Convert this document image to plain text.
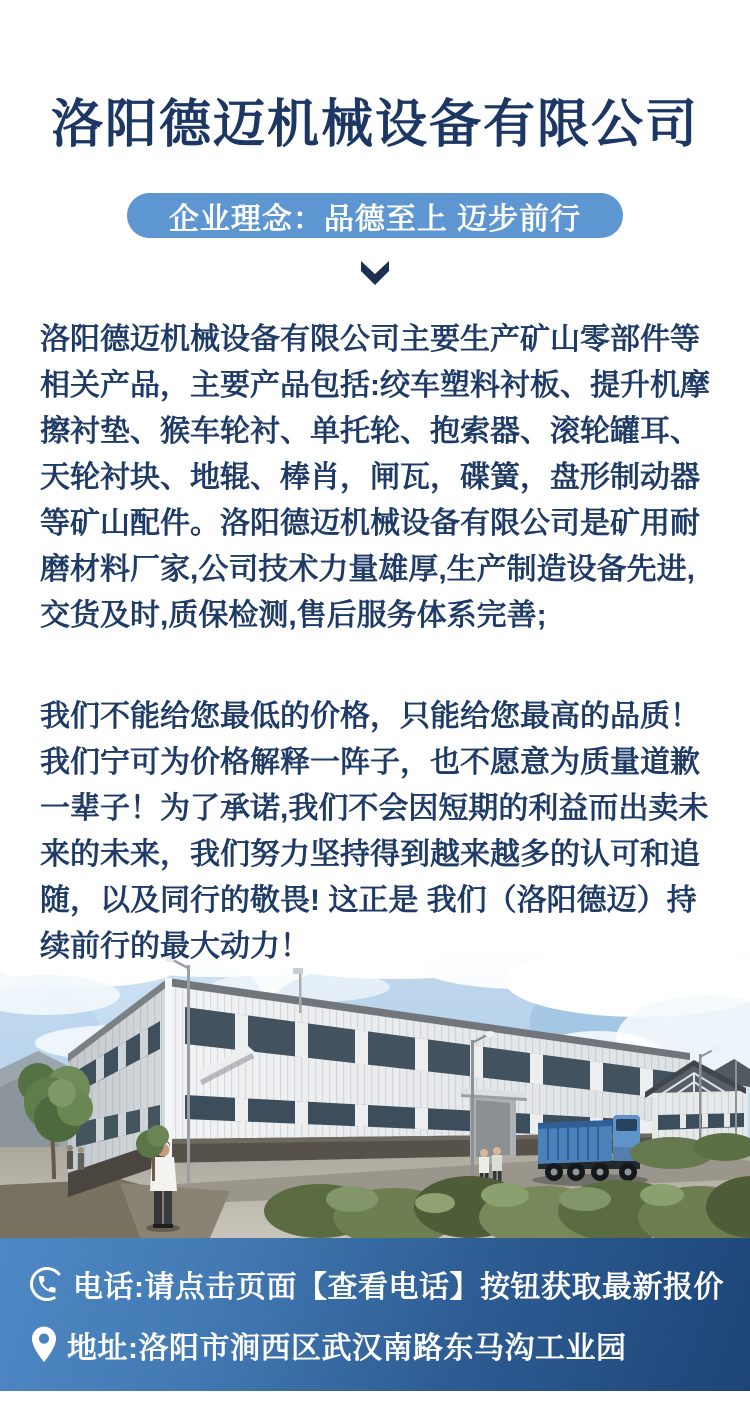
洛阳德迈机械设备有限公司
企业理念：品德至上 迈步前行

洛阳德迈机械设备有限公司主要生产矿山零部件等相关产品，主要产品包括:绞车塑料衬板、提升机摩擦衬垫、猴车轮衬、单托轮、抱索器、滚轮罐耳、天轮衬块、地辊、棒肖，闸瓦，碟簧，盘形制动器等矿山配件。洛阳德迈机械设备有限公司是矿用耐磨材料厂家,公司技术力量雄厚,生产制造设备先进,交货及时,质保检测,售后服务体系完善;

我们不能给您最低的价格，只能给您最高的品质！我们宁可为价格解释一阵子，也不愿意为质量道歉一辈子！为了承诺,我们不会因短期的利益而出卖未来的未来，我们努力坚持得到越来越多的认可和追随，以及同行的敬畏! 这正是 我们（洛阳德迈）持续前行的最大动力！

电话:请点击页面【查看电话】按钮获取最新报价
地址:洛阳市涧西区武汉南路东马沟工业园
